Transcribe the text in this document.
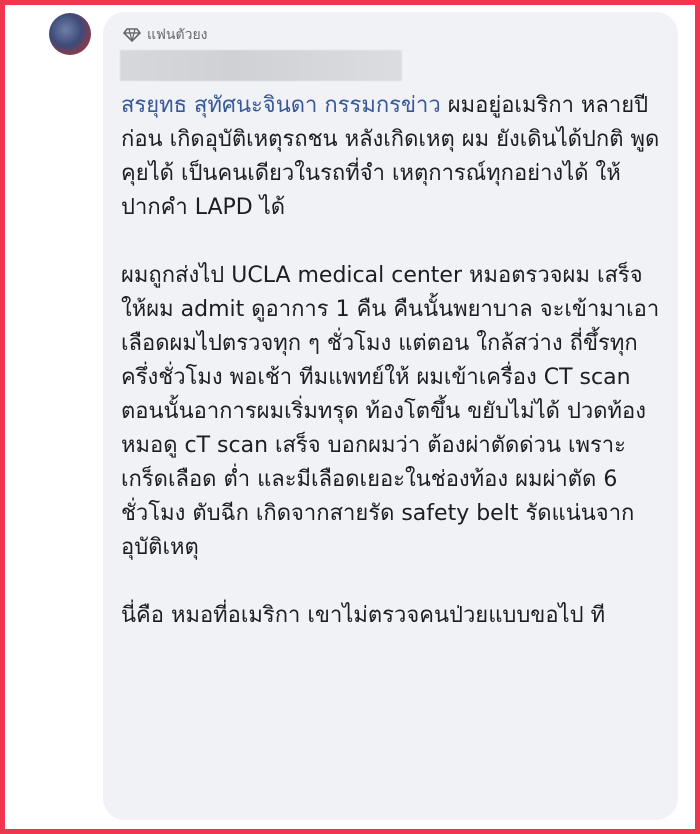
แฟนตัวยง

สรยุทธ สุทัศนะจินดา กรรมกรข่าว ผมอยู่อเมริกา หลายปีก่อน เกิดอุบัติเหตุรถชน หลังเกิดเหตุ ผม ยังเดินได้ปกติ พูดคุยได้ เป็นคนเดียวในรถที่จำ เหตุการณ์ทุกอย่างได้ ให้ปากคำ LAPD ได้

ผมถูกส่งไป UCLA medical center หมอตรวจผม เสร็จ ให้ผม admit ดูอาการ 1 คืน คืนนั้นพยาบาล จะเข้ามาเอาเลือดผมไปตรวจทุก ๆ ชั่วโมง แต่ตอน ใกล้สว่าง ถี่ขึ้รทุกครึ่งชั่วโมง พอเช้า ทีมแพทย์ให้ ผมเข้าเครื่อง CT scan ตอนนั้นอาการผมเริ่มทรุด ท้องโตขึ้น ขยับไม่ได้ ปวดท้อง หมอดู cT scan เสร็จ บอกผมว่า ต้องผ่าตัดด่วน เพราะ เกร็ดเลือด ต่ำ และมีเลือดเยอะในช่องท้อง ผมผ่าตัด 6 ชั่วโมง ตับฉีก เกิดจากสายรัด safety belt รัดแน่นจาก อุบัติเหตุ

นี่คือ หมอที่อเมริกา เขาไม่ตรวจคนป่วยแบบขอไป ที
